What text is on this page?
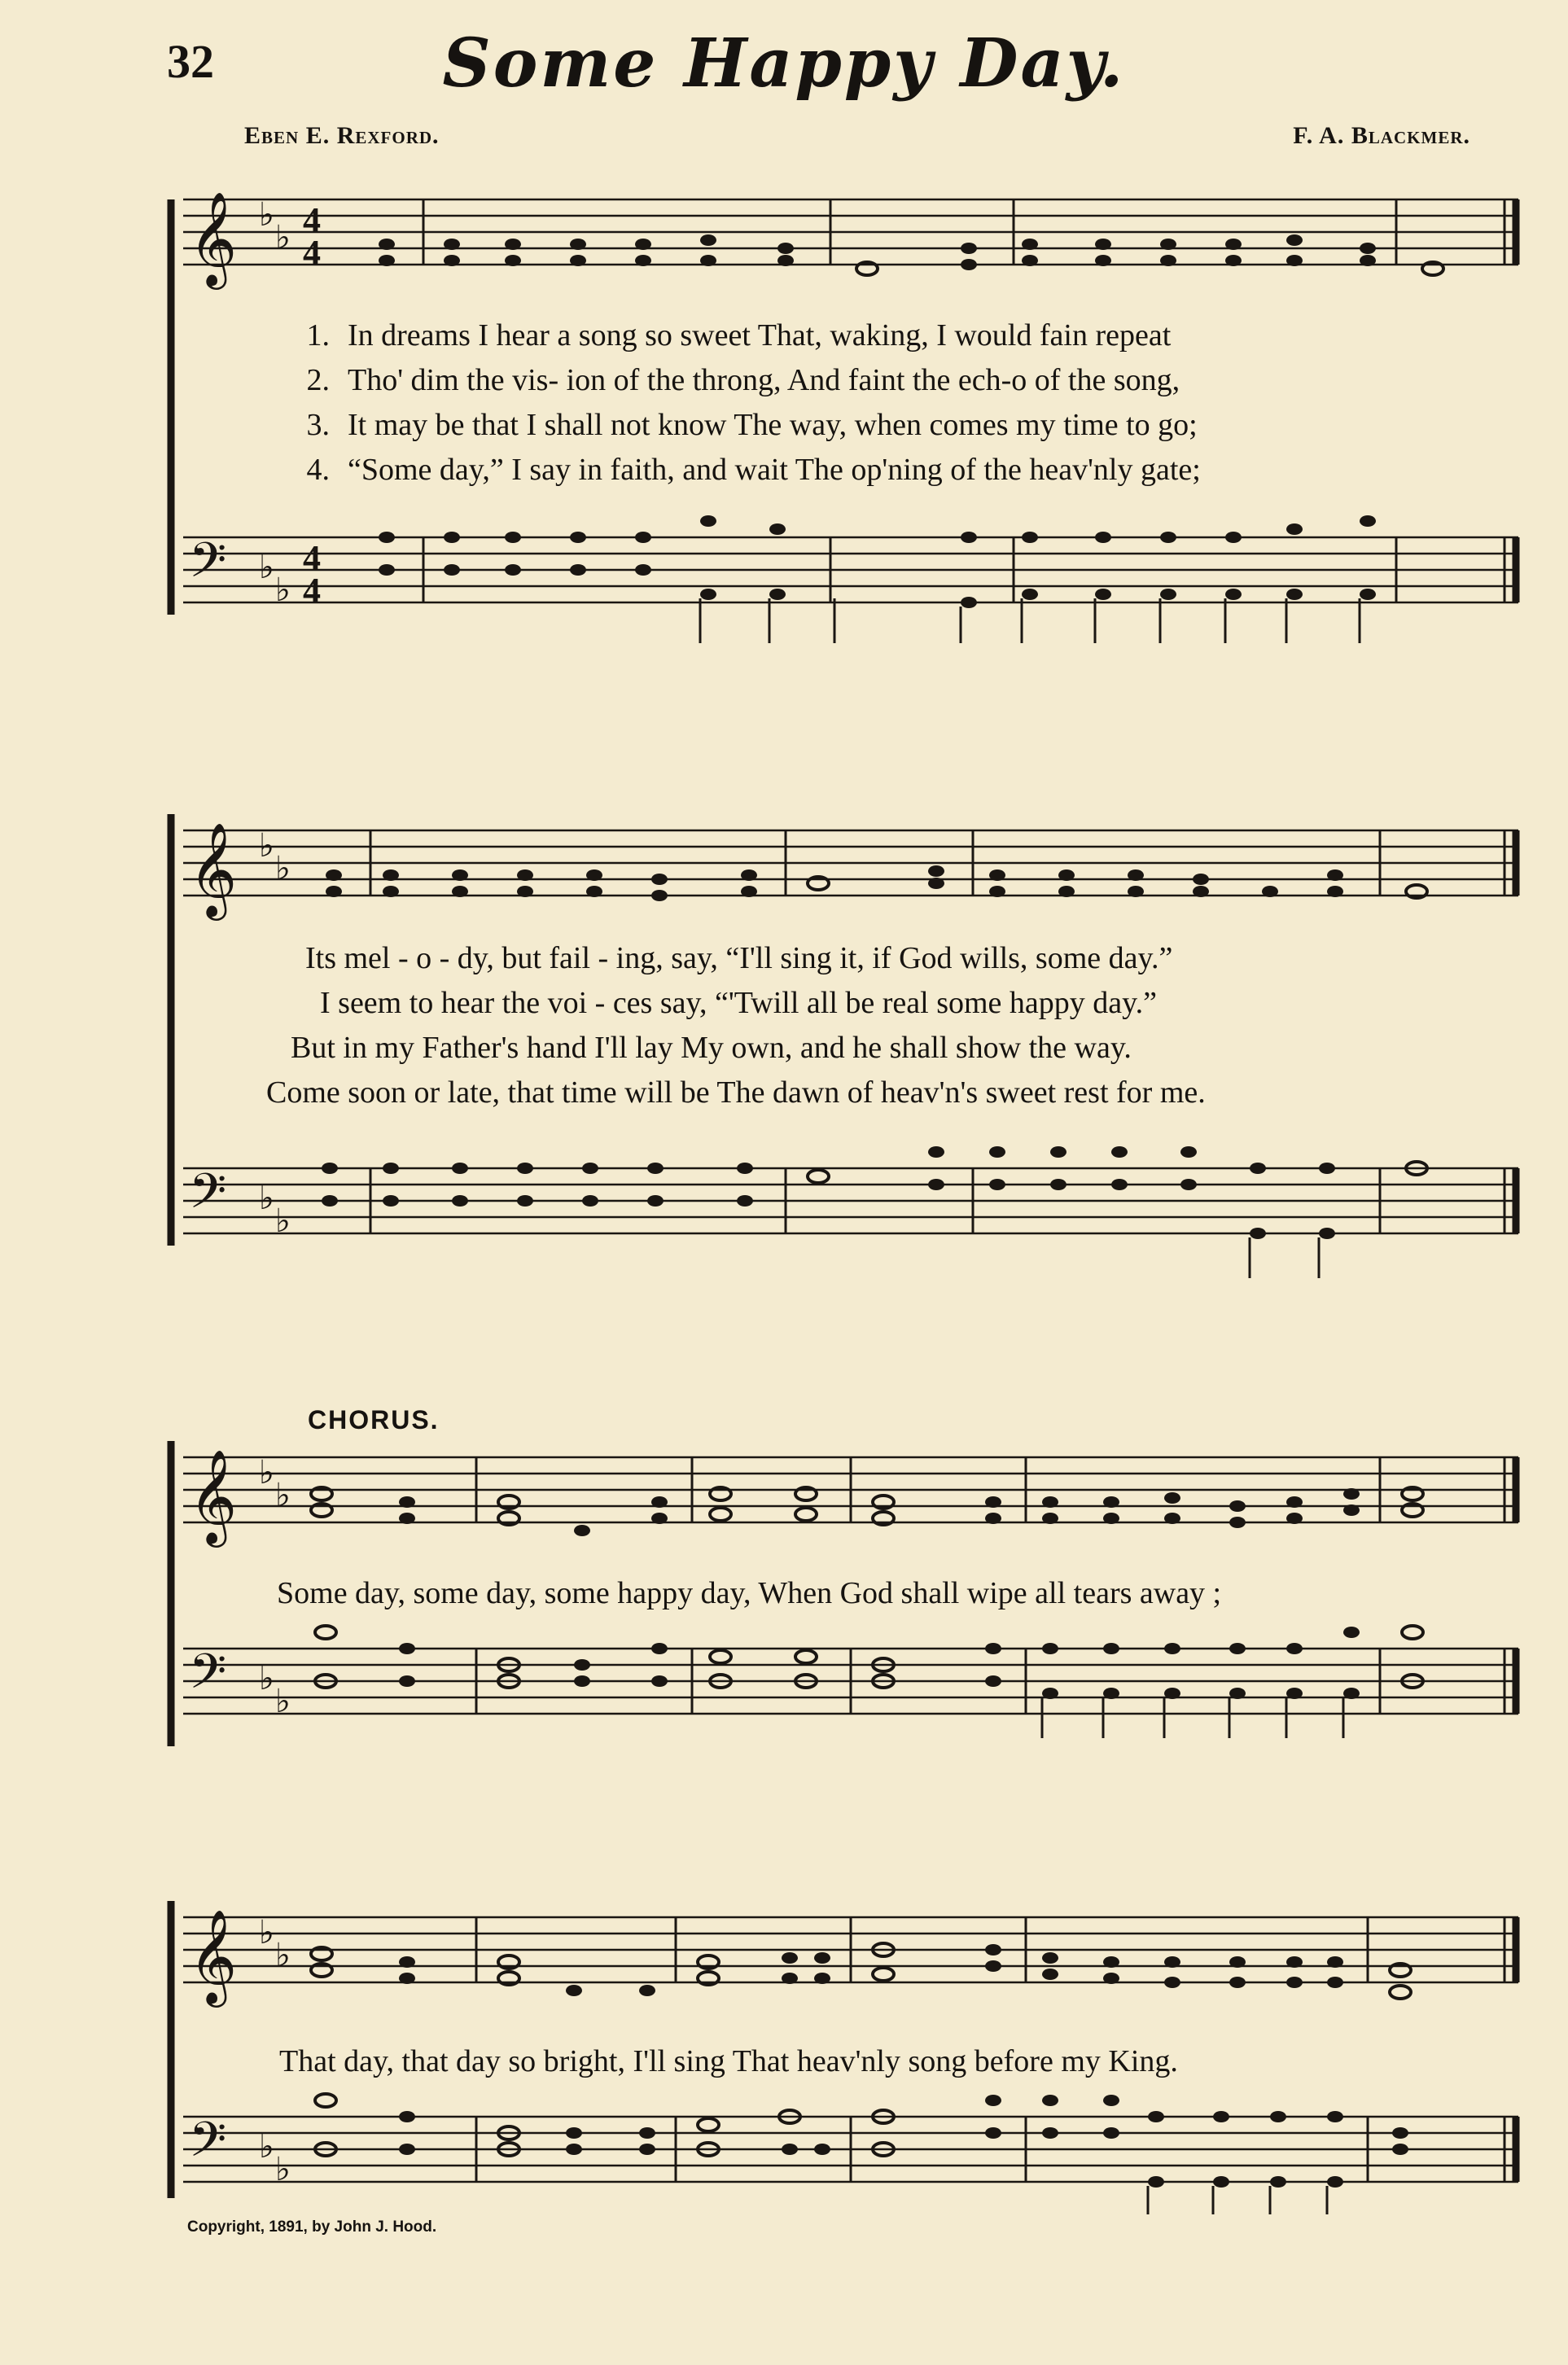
32	Some Happy Day.
Eben E. Rexford.	F. A. Blackmer.
𝄞 ♭
♭ 4
4
1. In dreams I hear a song so sweet That, waking, I would fain repeat
2. Tho' dim the vis- ion of the throng, And faint the ech-o of the song,
3. It may be that I shall not know The way, when comes my time to go;
4. “Some day,” I say in faith, and wait The op'ning of the heav'nly gate;
𝄢 ♭
♭
4
4
𝄞 ♭
♭
Its mel - o - dy, but fail - ing, say, “I'll sing it, if God wills, some day.”
I seem to hear the voi - ces say, “'Twill all be real some happy day.”
But in my Father's hand I'll lay My own, and he shall show the way.
Come soon or late, that time will be The dawn of heav'n's sweet rest for me.
𝄢 ♭
♭
CHORUS.
𝄞 ♭
♭
Some day, some day, some happy day, When God shall wipe all tears away ;
𝄢 ♭
♭
𝄞 ♭
♭
That day, that day so bright, I'll sing That heav'nly song before my King.
𝄢 ♭
♭
Copyright, 1891, by John J. Hood.
